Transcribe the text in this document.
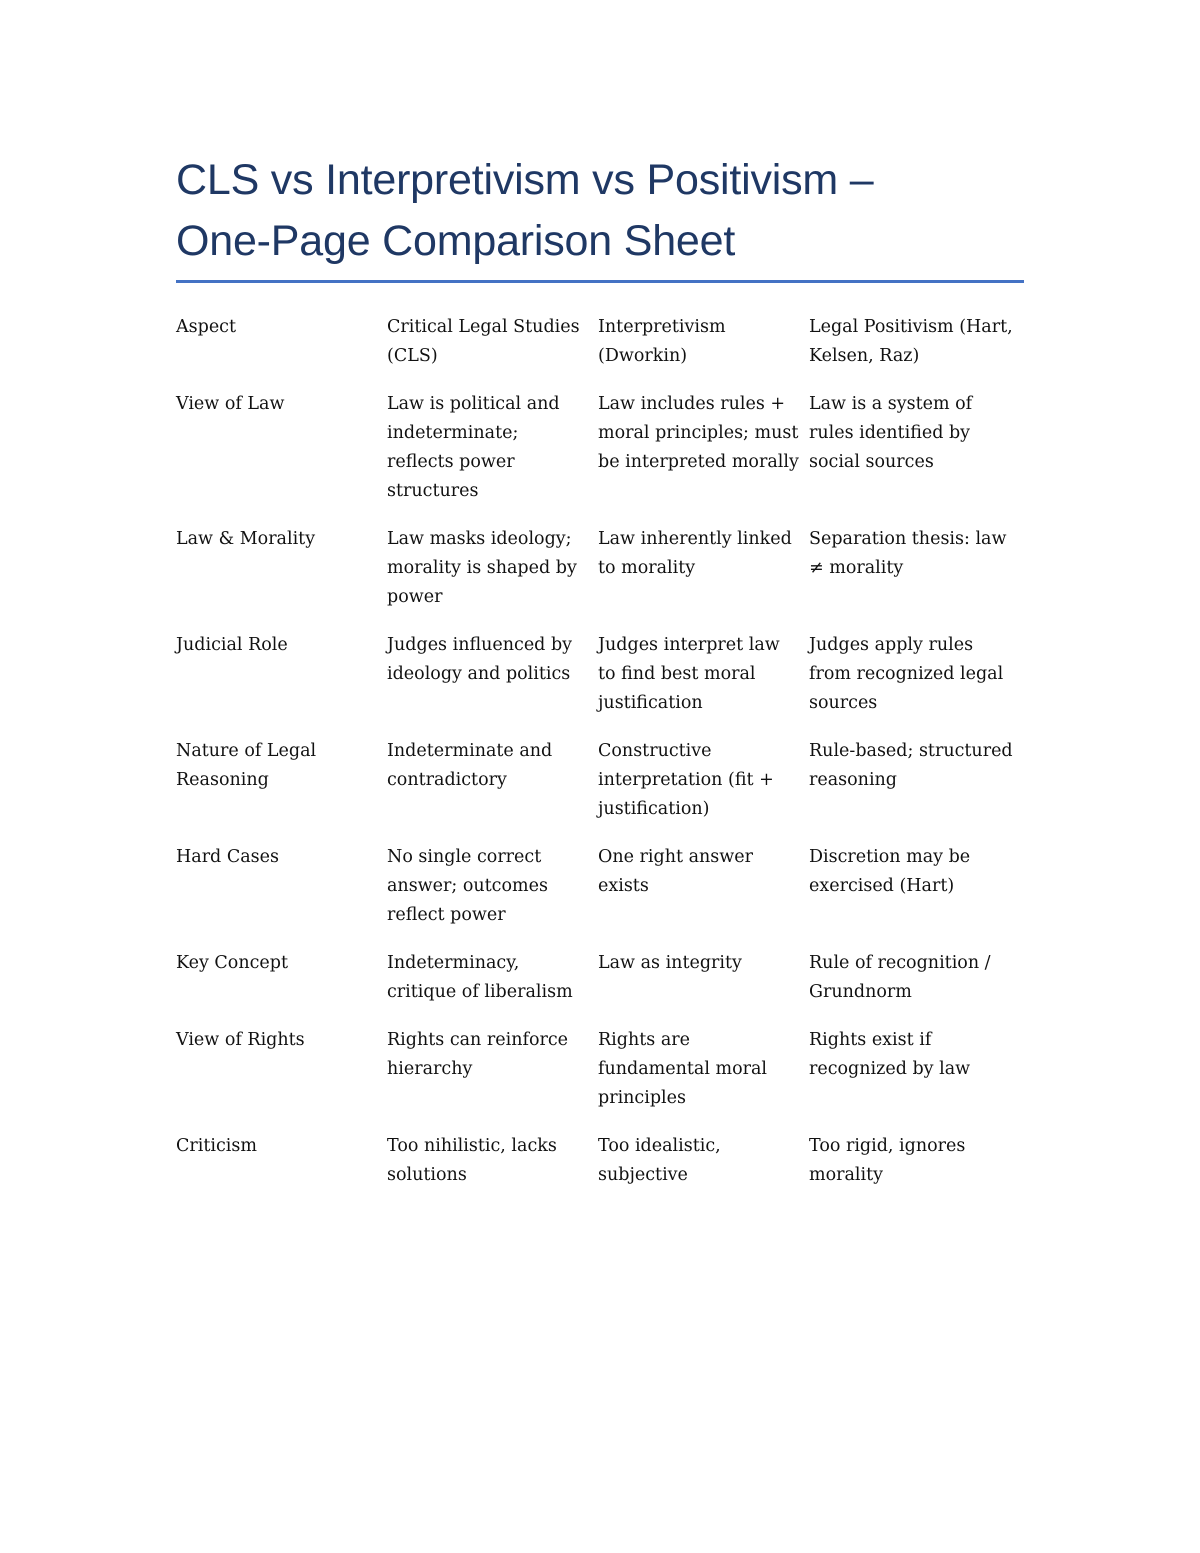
CLS vs Interpretivism vs Positivism –
One-Page Comparison Sheet
Aspect	Critical Legal Studies (CLS)	Interpretivism (Dworkin)	Legal Positivism (Hart, Kelsen, Raz)
View of Law	Law is political and indeterminate; reflects power structures	Law includes rules + moral principles; must be interpreted morally	Law is a system of rules identified by social sources
Law & Morality	Law masks ideology; morality is shaped by power	Law inherently linked to morality	Separation thesis: law ≠ morality
Judicial Role	Judges influenced by ideology and politics	Judges interpret law to find best moral justification	Judges apply rules from recognized legal sources
Nature of Legal Reasoning	Indeterminate and contradictory	Constructive interpretation (fit + justification)	Rule-based; structured reasoning
Hard Cases	No single correct answer; outcomes reflect power	One right answer exists	Discretion may be exercised (Hart)
Key Concept	Indeterminacy, critique of liberalism	Law as integrity	Rule of recognition / Grundnorm
View of Rights	Rights can reinforce hierarchy	Rights are fundamental moral principles	Rights exist if recognized by law
Criticism	Too nihilistic, lacks solutions	Too idealistic, subjective	Too rigid, ignores morality
